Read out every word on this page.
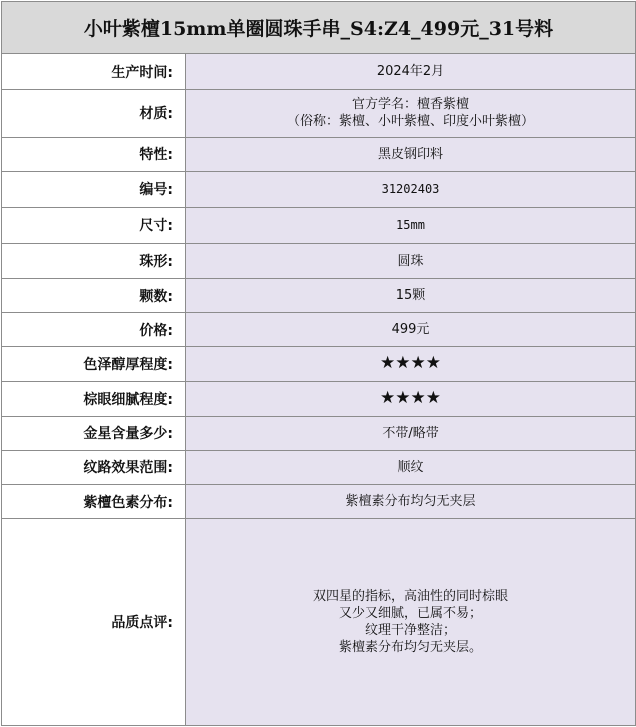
小叶紫檀15mm单圈圆珠手串_S4:Z4_499元_31号料	
生产时间:	2024年2月
材质:	官方学名：檀香紫檀
（俗称：紫檀、小叶紫檀、印度小叶紫檀）

特性:	黑皮钢印料
编号:	31202403
尺寸:	15mm
珠形:	圆珠
颗数:	15颗
价格:	499元
色泽醇厚程度:	★★★★
棕眼细腻程度:	★★★★
金星含量多少:	不带/略带
纹路效果范围:	顺纹
紫檀色素分布:	紫檀素分布均匀无夹层
品质点评:	双四星的指标，高油性的同时棕眼

又少又细腻，已属不易；

纹理干净整洁；

紫檀素分布均匀无夹层。
